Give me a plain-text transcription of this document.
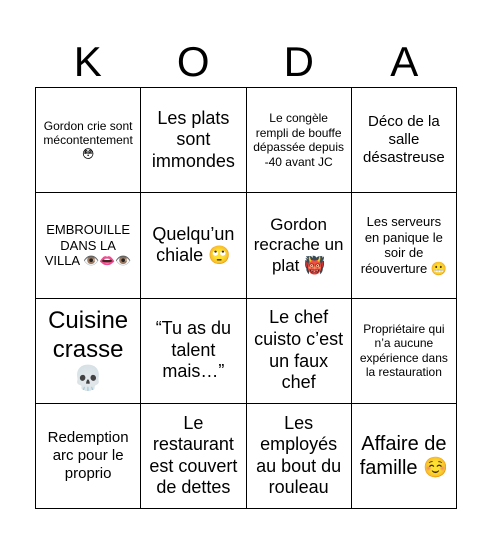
K	O	D	A
Gordon crie sont mécontentement 😳
Les plats sont immondes
Le congèle rempli de bouffe dépassée depuis -40 avant JC
Déco de la salle désastreuse
EMBROUILLE DANS LA VILLA 👁️👄👁️
Quelqu’un chiale 🙄
Gordon recrache un plat 👹
Les serveurs en panique le soir de réouverture 😬
Cuisine crasse 💀
“Tu as du talent mais…”
Le chef cuisto c’est un faux chef
Propriétaire qui n’a aucune expérience dans la restauration
Redemption arc pour le proprio
Le restaurant est couvert de dettes
Les employés au bout du rouleau
Affaire de famille ☺️
